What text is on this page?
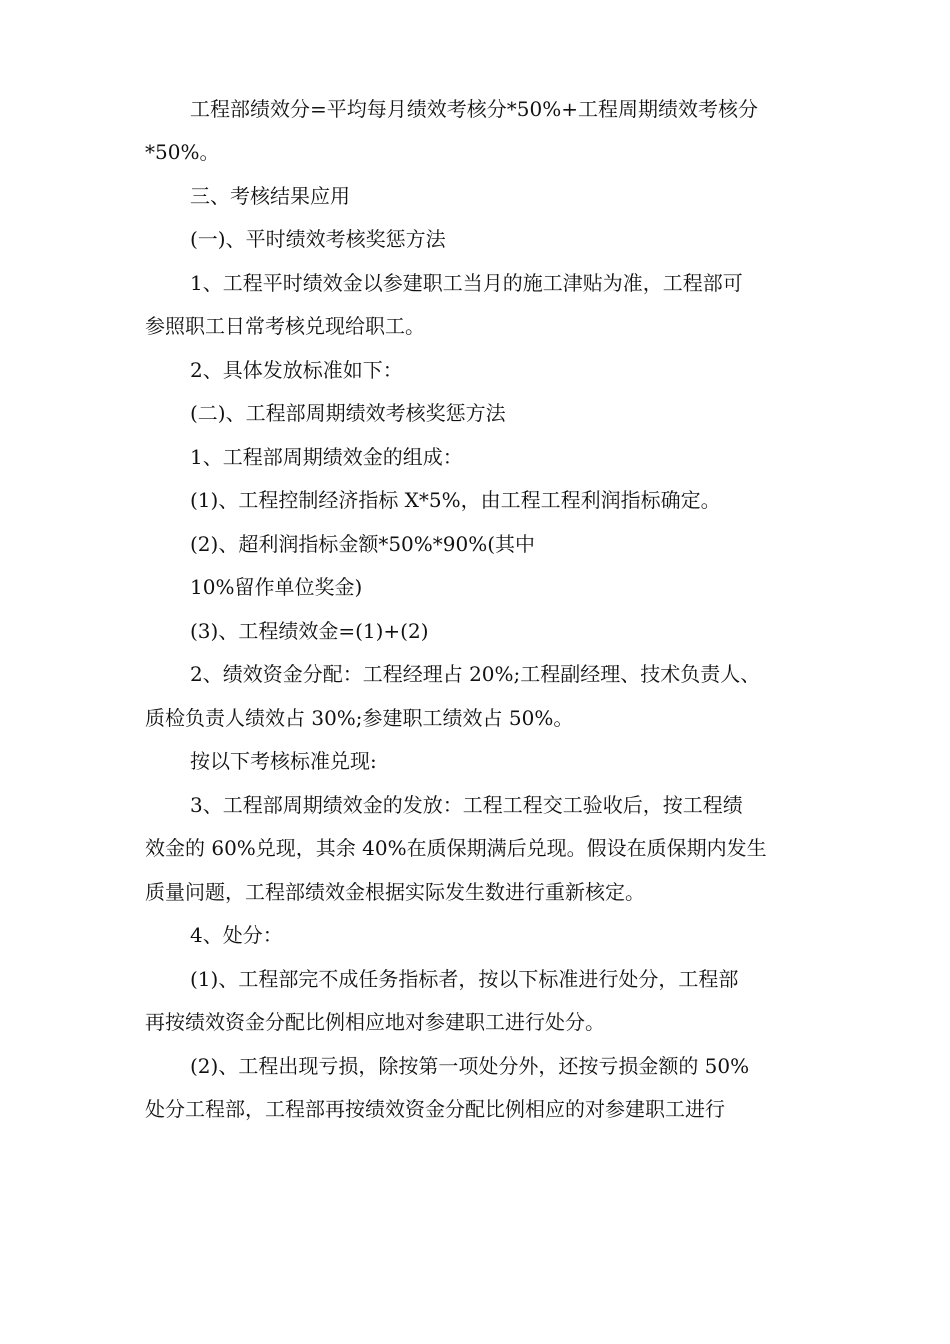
工程部绩效分=平均每月绩效考核分*50%+工程周期绩效考核分
*50%。
三、考核结果应用
(一)、平时绩效考核奖惩方法
1、工程平时绩效金以参建职工当月的施工津贴为准，工程部可
参照职工日常考核兑现给职工。
2、具体发放标准如下：
(二)、工程部周期绩效考核奖惩方法
1、工程部周期绩效金的组成：
(1)、工程控制经济指标 X*5%，由工程工程利润指标确定。
(2)、超利润指标金额*50%*90%(其中
10%留作单位奖金)
(3)、工程绩效金=(1)+(2)
2、绩效资金分配：工程经理占 20%;工程副经理、技术负责人、
质检负责人绩效占 30%;参建职工绩效占 50%。
按以下考核标准兑现:
3、工程部周期绩效金的发放：工程工程交工验收后，按工程绩
效金的 60%兑现，其余 40%在质保期满后兑现。假设在质保期内发生
质量问题，工程部绩效金根据实际发生数进行重新核定。
4、处分：
(1)、工程部完不成任务指标者，按以下标准进行处分，工程部
再按绩效资金分配比例相应地对参建职工进行处分。
(2)、工程出现亏损，除按第一项处分外，还按亏损金额的 50%
处分工程部，工程部再按绩效资金分配比例相应的对参建职工进行
